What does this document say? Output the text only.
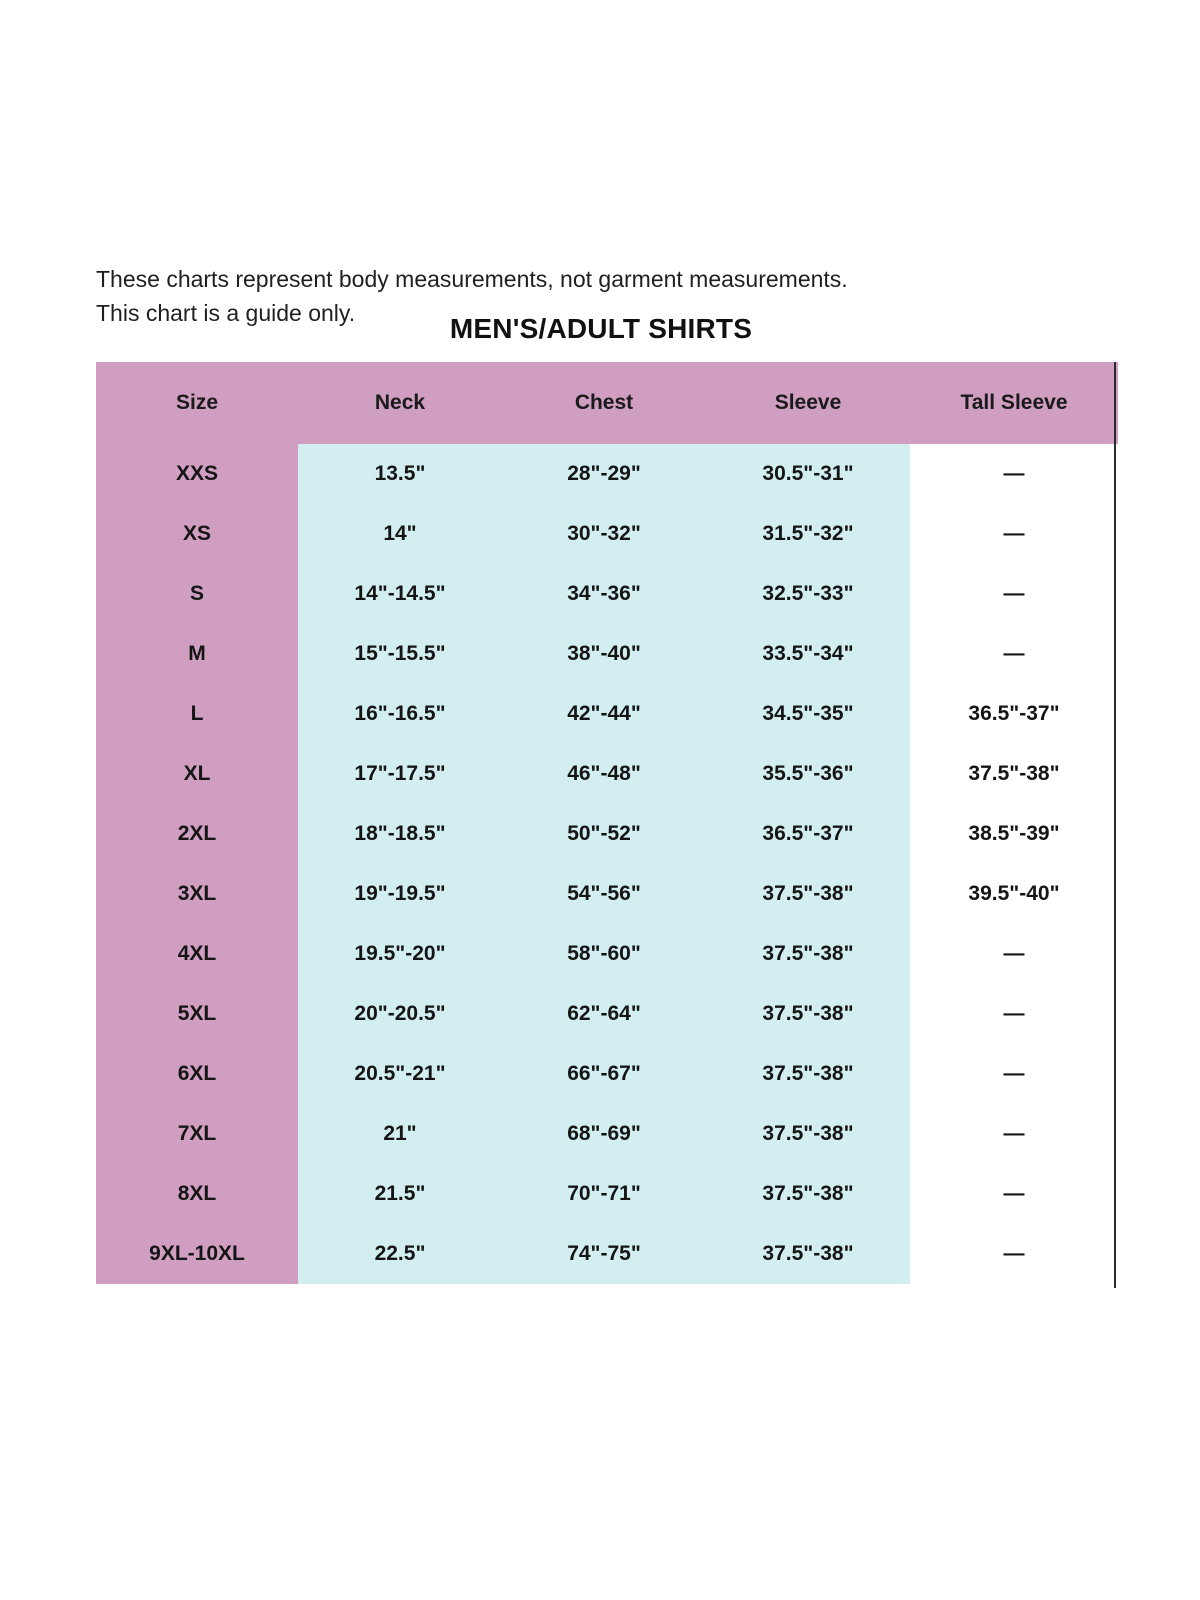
These charts represent body measurements, not garment measurements.
This chart is a guide only.	MEN'S/ADULT SHIRTS
Size	Neck	Chest	Sleeve	Tall Sleeve
XXS	13.5"	28"-29"	30.5"-31"	—
XS	14"	30"-32"	31.5"-32"	—
S	14"-14.5"	34"-36"	32.5"-33"	—
M	15"-15.5"	38"-40"	33.5"-34"	—
L	16"-16.5"	42"-44"	34.5"-35"	36.5"-37"
XL	17"-17.5"	46"-48"	35.5"-36"	37.5"-38"
2XL	18"-18.5"	50"-52"	36.5"-37"	38.5"-39"
3XL	19"-19.5"	54"-56"	37.5"-38"	39.5"-40"
4XL	19.5"-20"	58"-60"	37.5"-38"	—
5XL	20"-20.5"	62"-64"	37.5"-38"	—
6XL	20.5"-21"	66"-67"	37.5"-38"	—
7XL	21"	68"-69"	37.5"-38"	—
8XL	21.5"	70"-71"	37.5"-38"	—
9XL-10XL	22.5"	74"-75"	37.5"-38"	—
